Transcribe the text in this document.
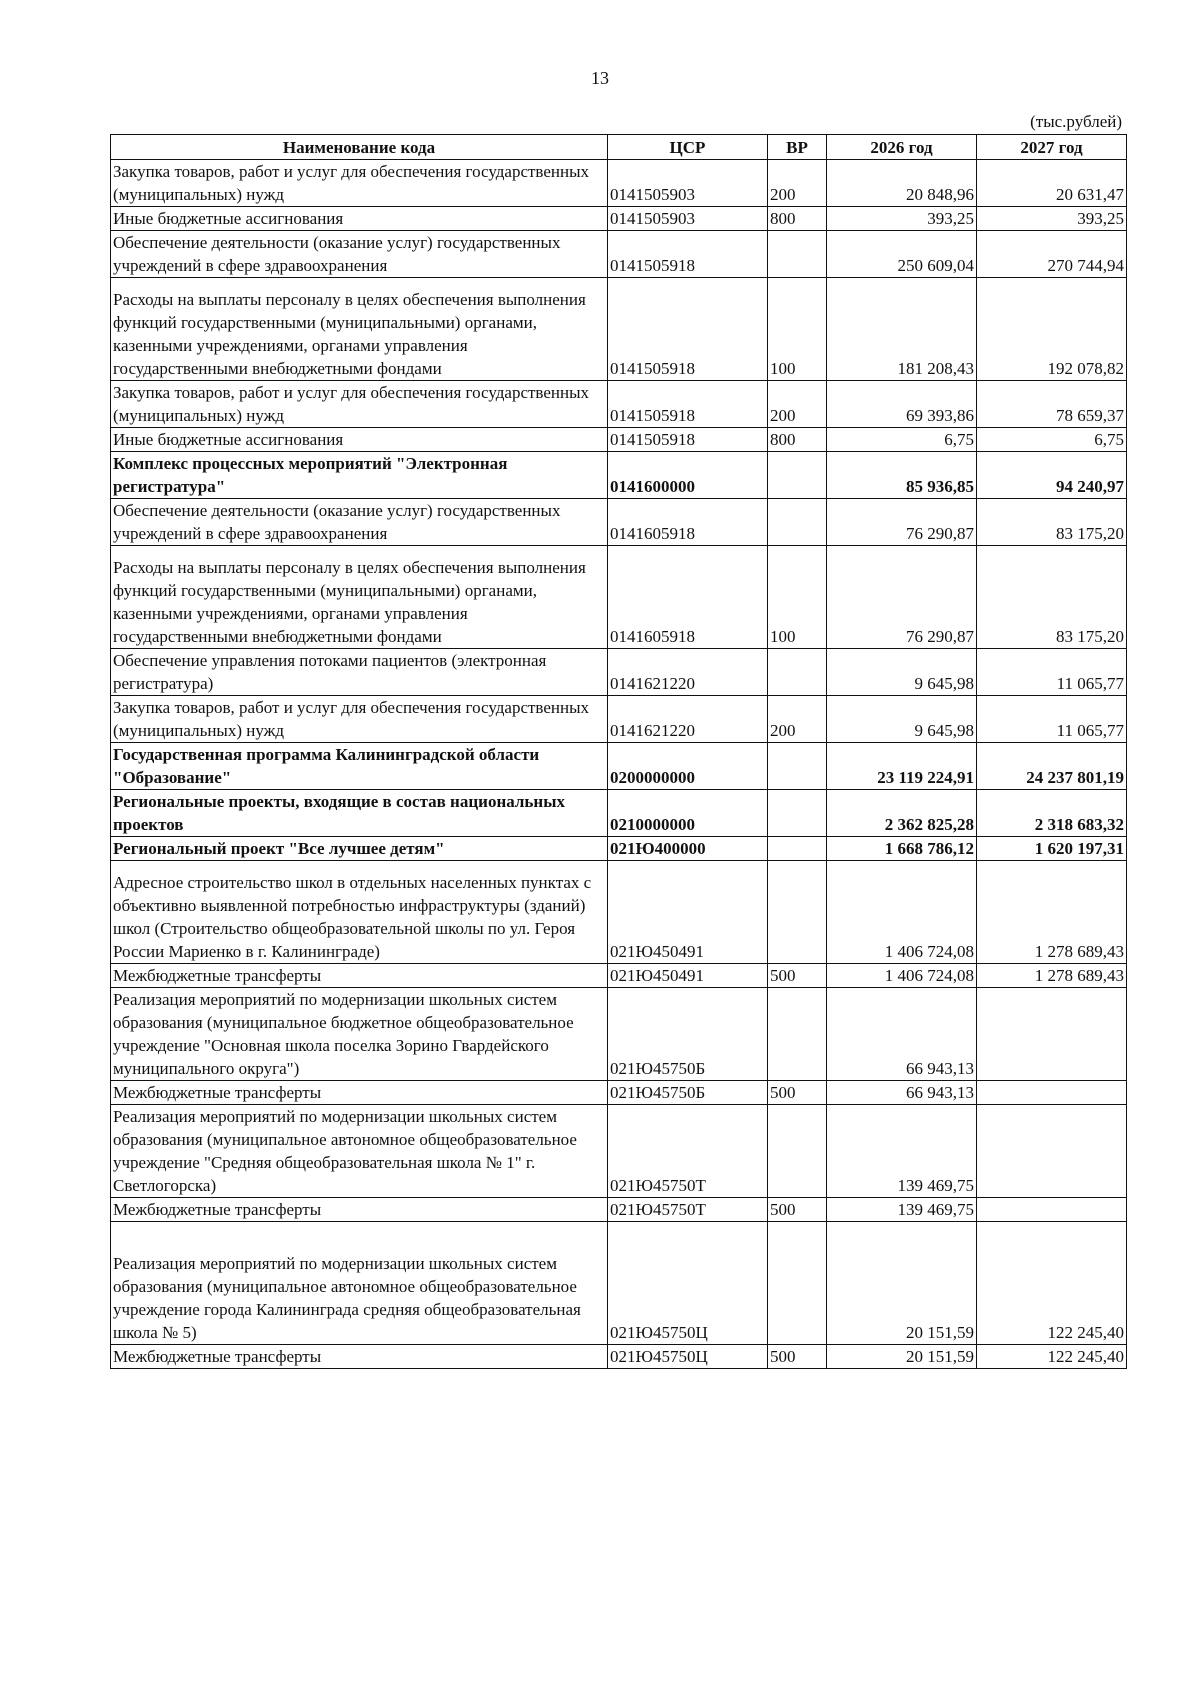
13
(тыс.рублей)
Наименование кода	ЦСР	ВР	2026 год	2027 год
Закупка товаров, работ и услуг для обеспечения государственных (муниципальных) нужд	0141505903	200	20 848,96	20 631,47
Иные бюджетные ассигнования	0141505903	800	393,25	393,25
Обеспечение деятельности (оказание услуг) государственных учреждений в сфере здравоохранения	0141505918		250 609,04	270 744,94
Расходы на выплаты персоналу в целях обеспечения выполнения функций государственными (муниципальными) органами, казенными учреждениями, органами управления государственными внебюджетными фондами	0141505918	100	181 208,43	192 078,82
Закупка товаров, работ и услуг для обеспечения государственных (муниципальных) нужд	0141505918	200	69 393,86	78 659,37
Иные бюджетные ассигнования	0141505918	800	6,75	6,75
Комплекс процессных мероприятий "Электронная регистратура"	0141600000		85 936,85	94 240,97
Обеспечение деятельности (оказание услуг) государственных учреждений в сфере здравоохранения	0141605918		76 290,87	83 175,20
Расходы на выплаты персоналу в целях обеспечения выполнения функций государственными (муниципальными) органами, казенными учреждениями, органами управления государственными внебюджетными фондами	0141605918	100	76 290,87	83 175,20
Обеспечение управления потоками пациентов (электронная регистратура)	0141621220		9 645,98	11 065,77
Закупка товаров, работ и услуг для обеспечения государственных (муниципальных) нужд	0141621220	200	9 645,98	11 065,77
Государственная программа Калининградской области "Образование"	0200000000		23 119 224,91	24 237 801,19
Региональные проекты, входящие в состав национальных проектов	0210000000		2 362 825,28	2 318 683,32
Региональный проект "Все лучшее детям"	021Ю400000		1 668 786,12	1 620 197,31
Адресное строительство школ в отдельных населенных пунктах с объективно выявленной потребностью инфраструктуры (зданий) школ (Строительство общеобразовательной школы по ул. Героя России Мариенко в г. Калининграде)	021Ю450491		1 406 724,08	1 278 689,43
Межбюджетные трансферты	021Ю450491	500	1 406 724,08	1 278 689,43
Реализация мероприятий по модернизации школьных систем образования (муниципальное бюджетное общеобразовательное учреждение "Основная школа поселка Зорино Гвардейского муниципального округа")	021Ю45750Б		66 943,13	
Межбюджетные трансферты	021Ю45750Б	500	66 943,13	
Реализация мероприятий по модернизации школьных систем образования (муниципальное автономное общеобразовательное учреждение "Средняя общеобразовательная школа № 1" г. Светлогорска)	021Ю45750Т		139 469,75	
Межбюджетные трансферты	021Ю45750Т	500	139 469,75	
Реализация мероприятий по модернизации школьных систем образования (муниципальное автономное общеобразовательное учреждение города Калининграда средняя общеобразовательная школа № 5)	021Ю45750Ц		20 151,59	122 245,40
Межбюджетные трансферты	021Ю45750Ц	500	20 151,59	122 245,40
